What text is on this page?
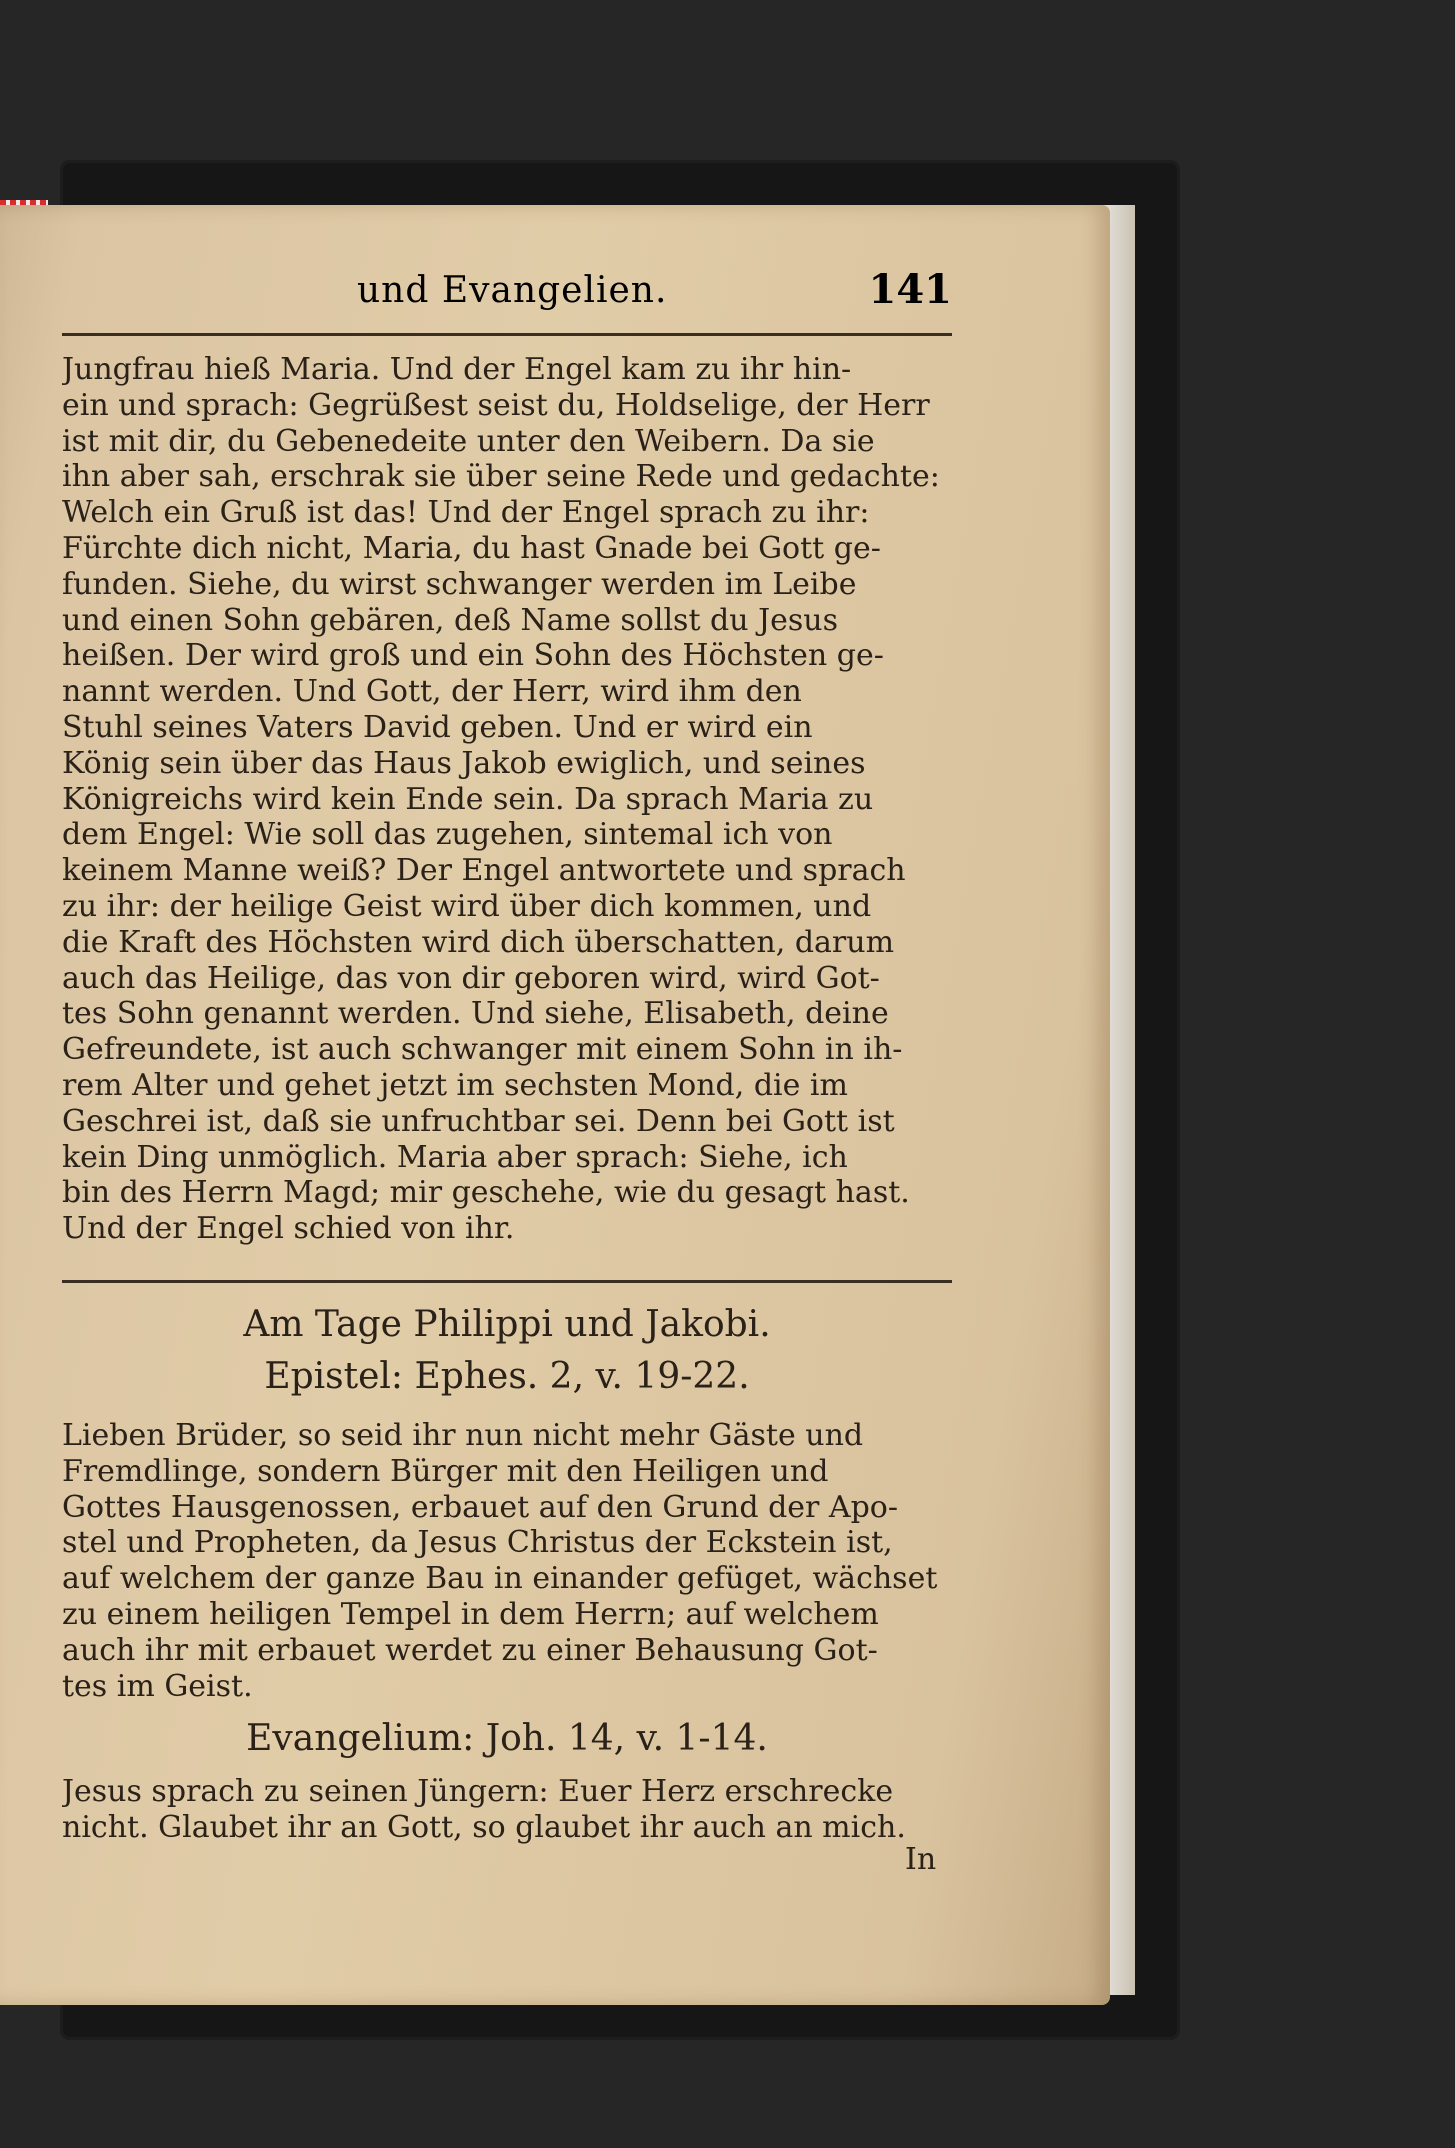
und Evangelien.	141
Jungfrau hieß Maria. Und der Engel kam zu ihr hin-
ein und sprach: Gegrüßest seist du, Holdselige, der Herr
ist mit dir, du Gebenedeite unter den Weibern. Da sie
ihn aber sah, erschrak sie über seine Rede und gedachte:
Welch ein Gruß ist das! Und der Engel sprach zu ihr:
Fürchte dich nicht, Maria, du hast Gnade bei Gott ge-
funden. Siehe, du wirst schwanger werden im Leibe
und einen Sohn gebären, deß Name sollst du Jesus
heißen. Der wird groß und ein Sohn des Höchsten ge-
nannt werden. Und Gott, der Herr, wird ihm den
Stuhl seines Vaters David geben. Und er wird ein
König sein über das Haus Jakob ewiglich, und seines
Königreichs wird kein Ende sein. Da sprach Maria zu
dem Engel: Wie soll das zugehen, sintemal ich von
keinem Manne weiß? Der Engel antwortete und sprach
zu ihr: der heilige Geist wird über dich kommen, und
die Kraft des Höchsten wird dich überschatten, darum
auch das Heilige, das von dir geboren wird, wird Got-
tes Sohn genannt werden. Und siehe, Elisabeth, deine
Gefreundete, ist auch schwanger mit einem Sohn in ih-
rem Alter und gehet jetzt im sechsten Mond, die im
Geschrei ist, daß sie unfruchtbar sei. Denn bei Gott ist
kein Ding unmöglich. Maria aber sprach: Siehe, ich
bin des Herrn Magd; mir geschehe, wie du gesagt hast.
Und der Engel schied von ihr.
Am Tage Philippi und Jakobi.
Epistel: Ephes. 2, v. 19-22.
Lieben Brüder, so seid ihr nun nicht mehr Gäste und
Fremdlinge, sondern Bürger mit den Heiligen und
Gottes Hausgenossen, erbauet auf den Grund der Apo-
stel und Propheten, da Jesus Christus der Eckstein ist,
auf welchem der ganze Bau in einander gefüget, wächset
zu einem heiligen Tempel in dem Herrn; auf welchem
auch ihr mit erbauet werdet zu einer Behausung Got-
tes im Geist.
Evangelium: Joh. 14, v. 1-14.
Jesus sprach zu seinen Jüngern: Euer Herz erschrecke
nicht. Glaubet ihr an Gott, so glaubet ihr auch an mich.
In
